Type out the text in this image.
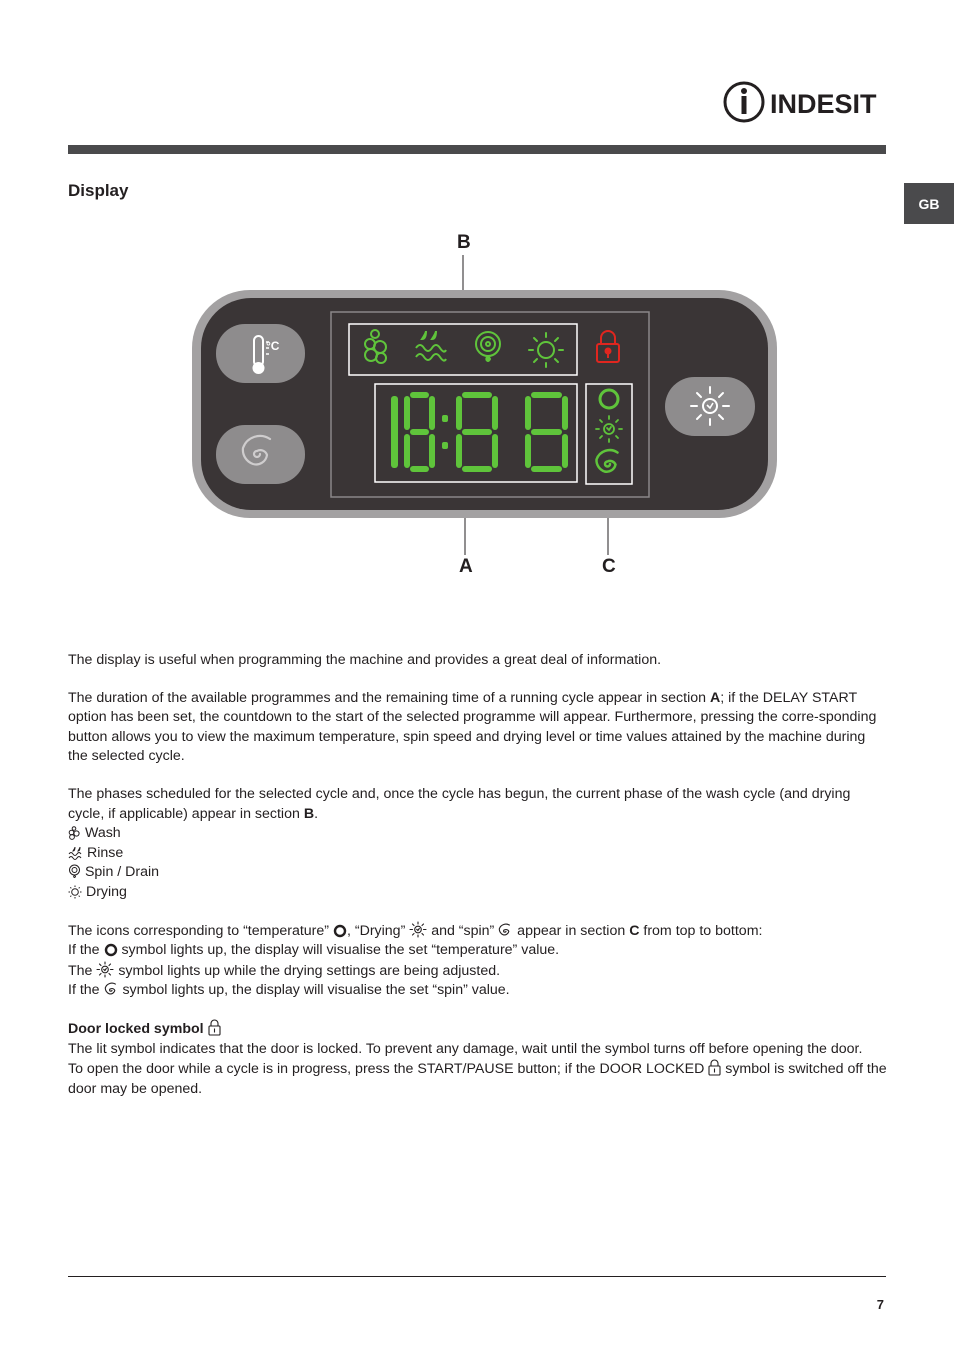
INDESIT
GB
Display
B
A	C
°C

The display is useful when programming the machine and provides a great deal of information.

The duration of the available programmes and the remaining time of a running cycle appear in section A; if the DELAY START option has been set, the countdown to the start of the selected programme will appear. Furthermore, pressing the corre-sponding button allows you to view the maximum temperature, spin speed and drying level or time values attained by the machine during the selected cycle.

The phases scheduled for the selected cycle and, once the cycle has begun, the current phase of the wash cycle (and drying cycle, if applicable) appear in section B.

Wash

Rinse

Spin / Drain

Drying

The icons corresponding to “temperature” , “Drying”  and “spin”  appear in section C from top to bottom:

If the  symbol lights up, the display will visualise the set “temperature” value.

The  symbol lights up while the drying settings are being adjusted.

If the  symbol lights up, the display will visualise the set “spin” value.

Door locked symbol

The lit symbol indicates that the door is locked. To prevent any damage, wait until the symbol turns off before opening the door.

To open the door while a cycle is in progress, press the START/PAUSE button; if the DOOR LOCKED  symbol is switched off the door may be opened.

7
